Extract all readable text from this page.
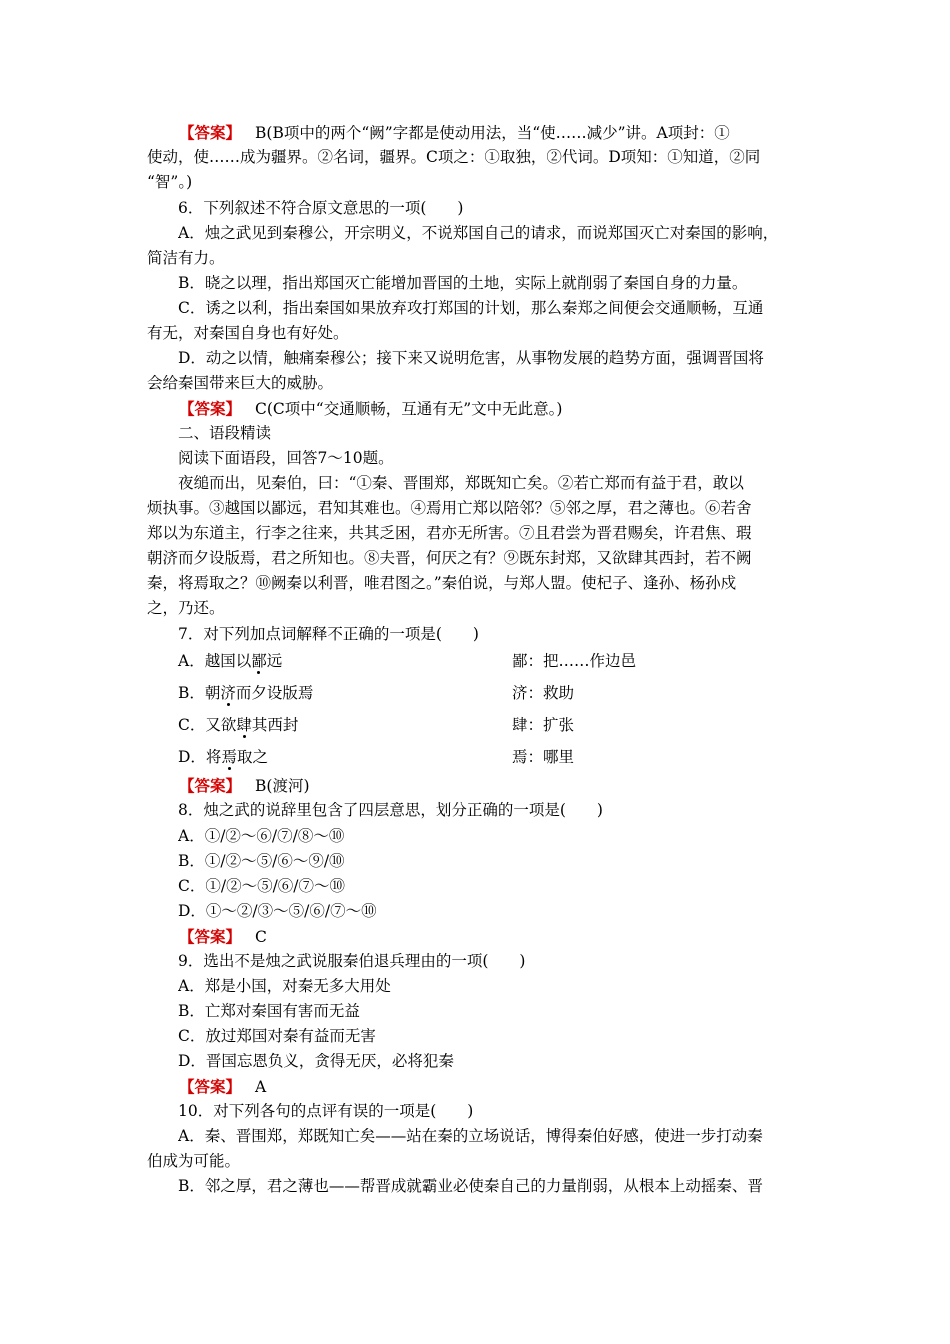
【答案】 B(B项中的两个“阙”字都是使动用法，当“使……减少”讲。A项封：①
使动，使……成为疆界。②名词，疆界。C项之：①取独，②代词。D项知：①知道，②同
“智”。)
6．下列叙述不符合原文意思的一项(　　)
A．烛之武见到秦穆公，开宗明义，不说郑国自己的请求，而说郑国灭亡对秦国的影响，
简洁有力。
B．晓之以理，指出郑国灭亡能增加晋国的土地，实际上就削弱了秦国自身的力量。
C．诱之以利，指出秦国如果放弃攻打郑国的计划，那么秦郑之间便会交通顺畅，互通
有无，对秦国自身也有好处。
D．动之以情，触痛秦穆公；接下来又说明危害，从事物发展的趋势方面，强调晋国将
会给秦国带来巨大的威胁。
【答案】 C(C项中“交通顺畅，互通有无”文中无此意。)
二、语段精读
阅读下面语段，回答7～10题。
夜缒而出，见秦伯，曰：“①秦、晋围郑，郑既知亡矣。②若亡郑而有益于君，敢以
烦执事。③越国以鄙远，君知其难也。④焉用亡郑以陪邻？⑤邻之厚，君之薄也。⑥若舍
郑以为东道主，行李之往来，共其乏困，君亦无所害。⑦且君尝为晋君赐矣，许君焦、瑕
朝济而夕设版焉，君之所知也。⑧夫晋，何厌之有？⑨既东封郑，又欲肆其西封，若不阙
秦，将焉取之？⑩阙秦以利晋，唯君图之。”秦伯说，与郑人盟。使杞子、逢孙、杨孙戍
之，乃还。
7．对下列加点词解释不正确的一项是(　　)
A．越国以鄙远	鄙：把……作边邑
B．朝济而夕设版焉	济：救助
C．又欲肆其西封	肆：扩张
D．将焉取之	焉：哪里
【答案】 B(渡河)
8．烛之武的说辞里包含了四层意思，划分正确的一项是(　　)
A．①/②～⑥/⑦/⑧～⑩
B．①/②～⑤/⑥～⑨/⑩
C．①/②～⑤/⑥/⑦～⑩
D．①～②/③～⑤/⑥/⑦～⑩
【答案】 C
9．选出不是烛之武说服秦伯退兵理由的一项(　　)
A．郑是小国，对秦无多大用处
B．亡郑对秦国有害而无益
C．放过郑国对秦有益而无害
D．晋国忘恩负义，贪得无厌，必将犯秦
【答案】 A
10．对下列各句的点评有误的一项是(　　)
A．秦、晋围郑，郑既知亡矣——站在秦的立场说话，博得秦伯好感，使进一步打动秦
伯成为可能。
B．邻之厚，君之薄也——帮晋成就霸业必使秦自己的力量削弱，从根本上动摇秦、晋
